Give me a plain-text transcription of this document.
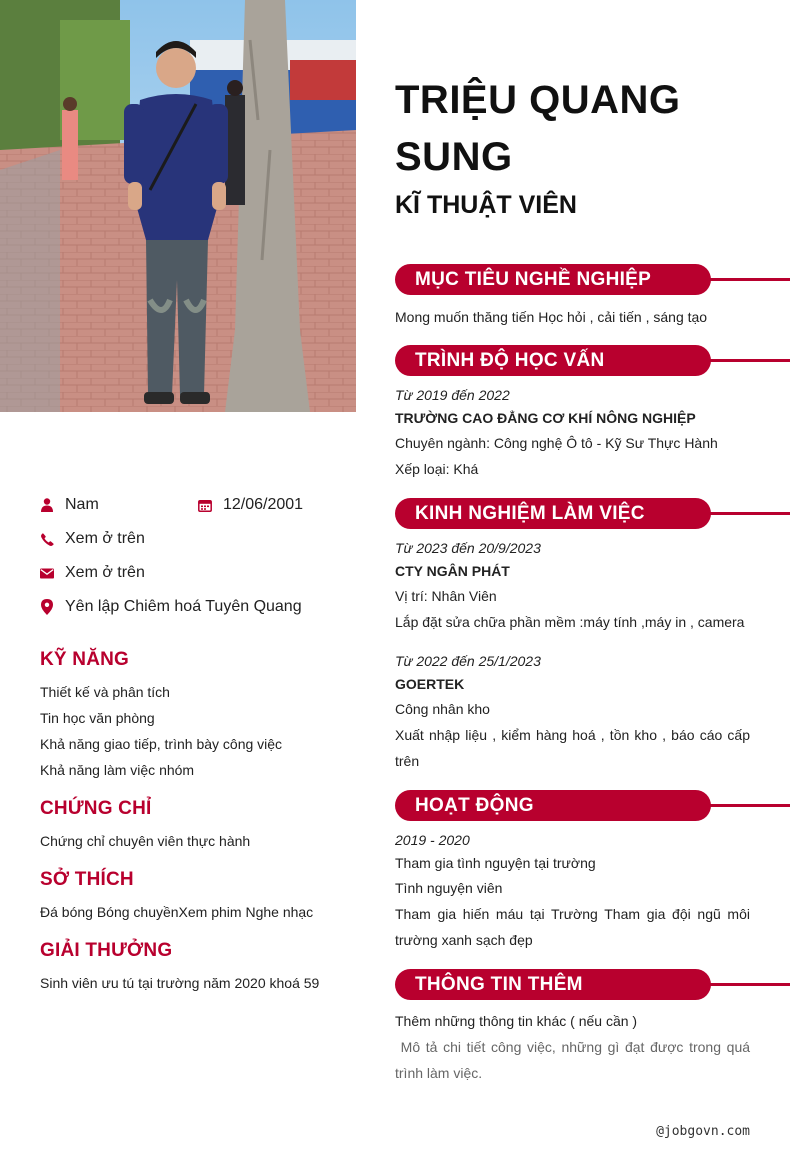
Nam	12/06/2001
Xem ở trên
Xem ở trên
Yên lập Chiêm hoá Tuyên Quang
KỸ NĂNG
Thiết kế và phân tích
Tin học văn phòng
Khả năng giao tiếp, trình bày công việc
Khả năng làm việc nhóm
CHỨNG CHỈ
Chứng chỉ chuyên viên thực hành
SỞ THÍCH
Đá bóng Bóng chuyềnXem phim Nghe nhạc
GIẢI THƯỞNG
Sinh viên ưu tú tại trường năm 2020 khoá 59
TRIỆU QUANG SUNG
KĨ THUẬT VIÊN
MỤC TIÊU NGHỀ NGHIỆP
Mong muốn thăng tiến Học hỏi , cải tiến , sáng tạo
TRÌNH ĐỘ HỌC VẤN
Từ 2019 đến 2022
TRƯỜNG CAO ĐẲNG CƠ KHÍ NÔNG NGHIỆP
Chuyên ngành: Công nghệ Ô tô - Kỹ Sư Thực Hành
Xếp loại: Khá
KINH NGHIỆM LÀM VIỆC
Từ 2023 đến 20/9/2023
CTY NGÂN PHÁT
Vị trí: Nhân Viên
Lắp đặt sửa chữa phần mềm :máy tính ,máy in , camera
Từ 2022 đến 25/1/2023
GOERTEK
Công nhân kho
Xuất nhập liệu , kiểm hàng hoá , tồn kho , báo cáo cấp trên
HOẠT ĐỘNG
2019 - 2020
Tham gia tình nguyện tại trường
Tình nguyện viên
Tham gia hiến máu tại Trường Tham gia đội ngũ môi trường xanh sạch đẹp
THÔNG TIN THÊM
Thêm những thông tin khác ( nếu cần )
Mô tả chi tiết công việc, những gì đạt được trong quá trình làm việc.
@jobgovn.com
